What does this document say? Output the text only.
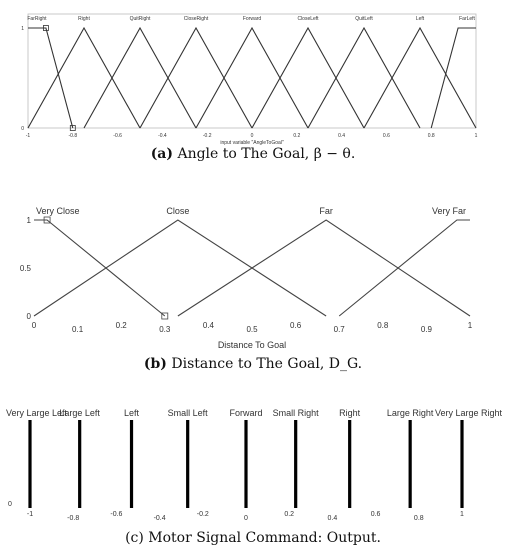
FarRight	Right	QuitRight	CloseRight	Forward	CloseLeft	QuitLeft	Left	FarLeft
-1	-0.8	-0.6	-0.4	-0.2	0	0.2	0.4	0.6	0.8	1
0
1
input variable "AngleToGoal"
(a) Angle to The Goal, β − θ.
Very Close	Close	Far	Very Far
0	0.1	0.2	0.3	0.4	0.5	0.6	0.7	0.8	0.9	1
0
0.5
1
Distance To Goal
(b) Distance to The Goal, D_G.
Very Large Left
Large Left	Left	Small Left Forward Small Right Right	Large Right Very Large Right
-1
-0.8
-0.6
-0.4
-0.2
0
0.2
0.4
0.6
0.8
1
0
(c) Motor Signal Command: Output.
